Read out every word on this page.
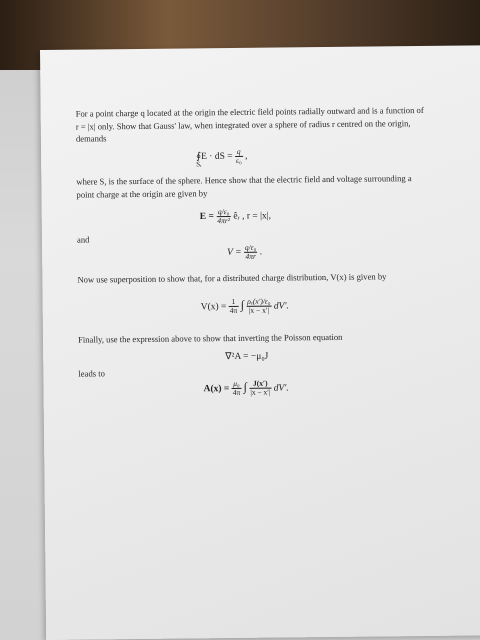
For a point charge q located at the origin the electric field points radially outward and is a function of r = |x| only. Show that Gauss' law, when integrated over a sphere of radius r centred on the origin, demands
∮E · dS = $\frac{q}{\text{ε₀}}$ ,
Sᵣ
where S, is the surface of the sphere. Hence show that the electric field and voltage surrounding a point charge at the origin are given by
$E = \frac{\text{q/ε₀}}{\text{4πr²}}$ êᵣ , r = |x|,
and
$V = \frac{\text{q/ε₀}}{4\pi r}$ .
Now use superposition to show that, for a distributed charge distribution, V(x) is given by
$V(x) = \frac{1}{4\pi}$ ∫ $\frac{\text{ρₑ(x′)/ε₀}}{|x - x'|} dV'$.
Finally, use the expression above to show that inverting the Poisson equation
∇²A = −μ₀J
leads to
$A(x) = \frac{\text{μ₀}}{4\pi}$ ∫ $\frac{J(x')}{|x - x'|} dV'$.
